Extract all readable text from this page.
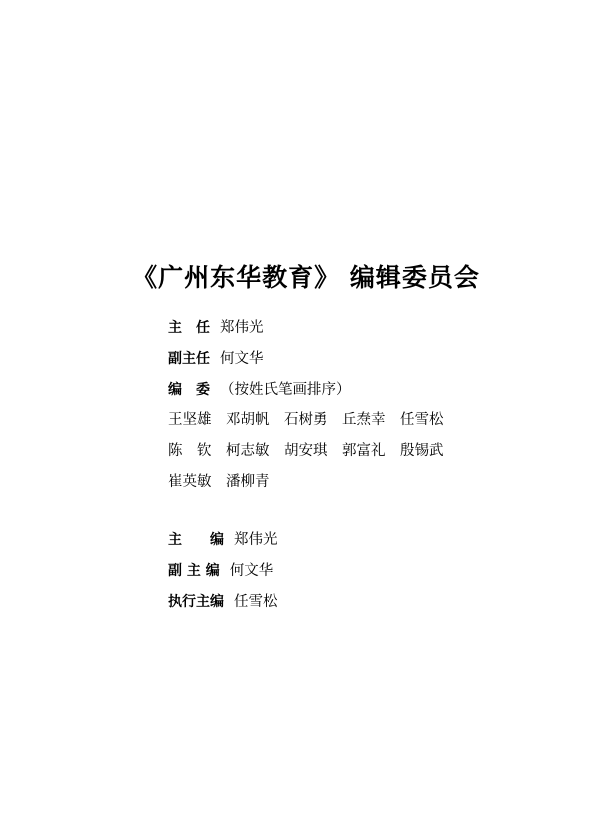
《广州东华教育》 编辑委员会
主　任 郑伟光
副主任 何文华
编　委 （按姓氏笔画排序）
王坚雄　邓胡帆　石树勇　丘焘幸　任雪松
陈　钦　柯志敏　胡安琪　郭富礼　殷锡武
崔英敏　潘柳青
主　　编 郑伟光
副 主 编 何文华
执行主编 任雪松
